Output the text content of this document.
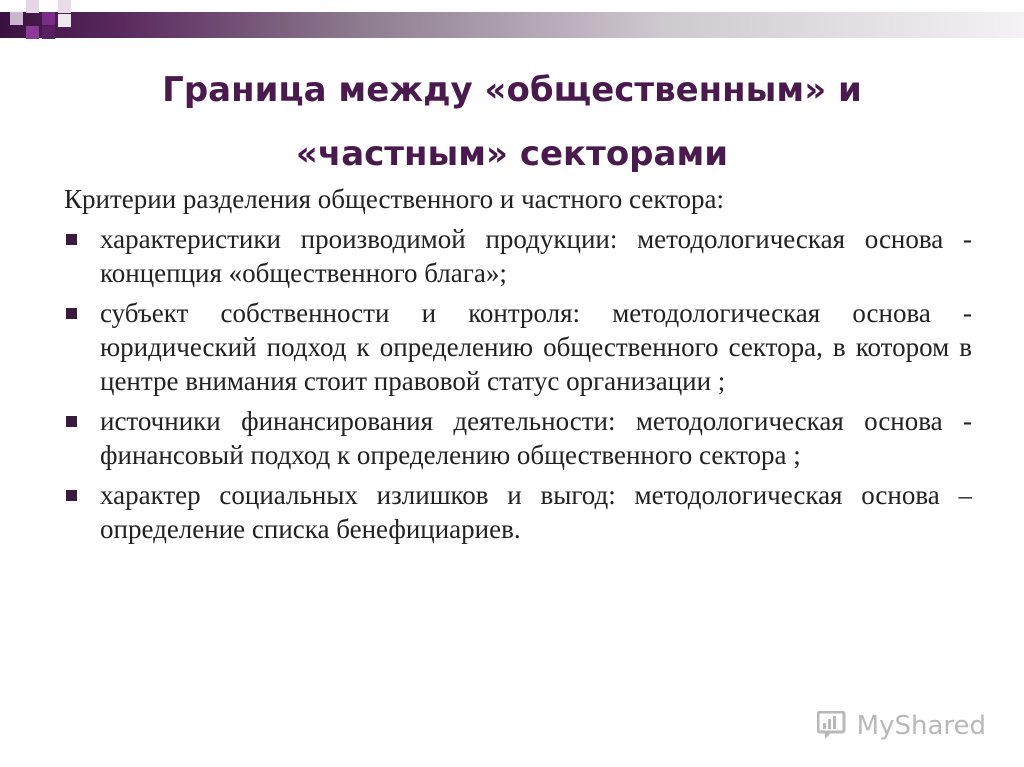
Граница между «общественным» и
«частным» секторами

Критерии разделения общественного и частного сектора:

характеристики производимой продукции: методологическая основа - концепция «общественного блага»;
субъект собственности и контроля: методологическая основа - юридический подход к определению общественного сектора, в котором в центре внимания стоит правовой статус организации ;
источники финансирования деятельности: методологическая основа - финансовый подход к определению общественного сектора ;
характер социальных излишков и выгод: методологическая основа – определение списка бенефициариев.
MyShared
